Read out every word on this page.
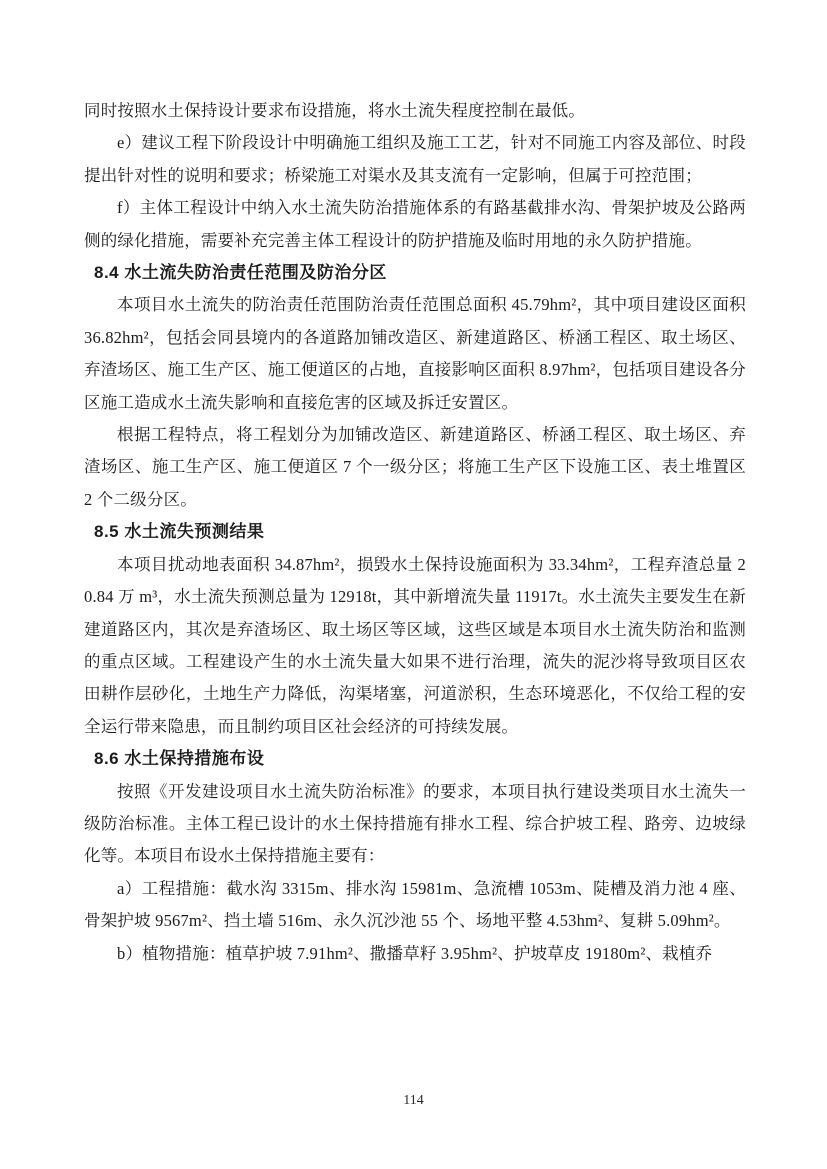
同时按照水土保持设计要求布设措施，将水土流失程度控制在最低。

e）建议工程下阶段设计中明确施工组织及施工工艺，针对不同施工内容及部位、时段提出针对性的说明和要求；桥梁施工对渠水及其支流有一定影响，但属于可控范围；

f）主体工程设计中纳入水土流失防治措施体系的有路基截排水沟、骨架护坡及公路两侧的绿化措施，需要补充完善主体工程设计的防护措施及临时用地的永久防护措施。

8.4 水土流失防治责任范围及防治分区

本项目水土流失的防治责任范围防治责任范围总面积 45.79hm²，其中项目建设区面积 36.82hm²，包括会同县境内的各道路加铺改造区、新建道路区、桥涵工程区、取土场区、弃渣场区、施工生产区、施工便道区的占地，直接影响区面积 8.97hm²，包括项目建设各分区施工造成水土流失影响和直接危害的区域及拆迁安置区。

根据工程特点，将工程划分为加铺改造区、新建道路区、桥涵工程区、取土场区、弃渣场区、施工生产区、施工便道区 7 个一级分区；将施工生产区下设施工区、表土堆置区 2 个二级分区。

8.5 水土流失预测结果

本项目扰动地表面积 34.87hm²，损毁水土保持设施面积为 33.34hm²，工程弃渣总量 20.84 万 m³，水土流失预测总量为 12918t，其中新增流失量 11917t。水土流失主要发生在新建道路区内，其次是弃渣场区、取土场区等区域，这些区域是本项目水土流失防治和监测的重点区域。工程建设产生的水土流失量大如果不进行治理，流失的泥沙将导致项目区农田耕作层砂化，土地生产力降低，沟渠堵塞，河道淤积，生态环境恶化，不仅给工程的安全运行带来隐患，而且制约项目区社会经济的可持续发展。

8.6 水土保持措施布设

按照《开发建设项目水土流失防治标准》的要求，本项目执行建设类项目水土流失一级防治标准。主体工程已设计的水土保持措施有排水工程、综合护坡工程、路旁、边坡绿化等。本项目布设水土保持措施主要有：

a）工程措施：截水沟 3315m、排水沟 15981m、急流槽 1053m、陡槽及消力池 4 座、骨架护坡 9567m²、挡土墙 516m、永久沉沙池 55 个、场地平整 4.53hm²、复耕 5.09hm²。

b）植物措施：植草护坡 7.91hm²、撒播草籽 3.95hm²、护坡草皮 19180m²、栽植乔

114
